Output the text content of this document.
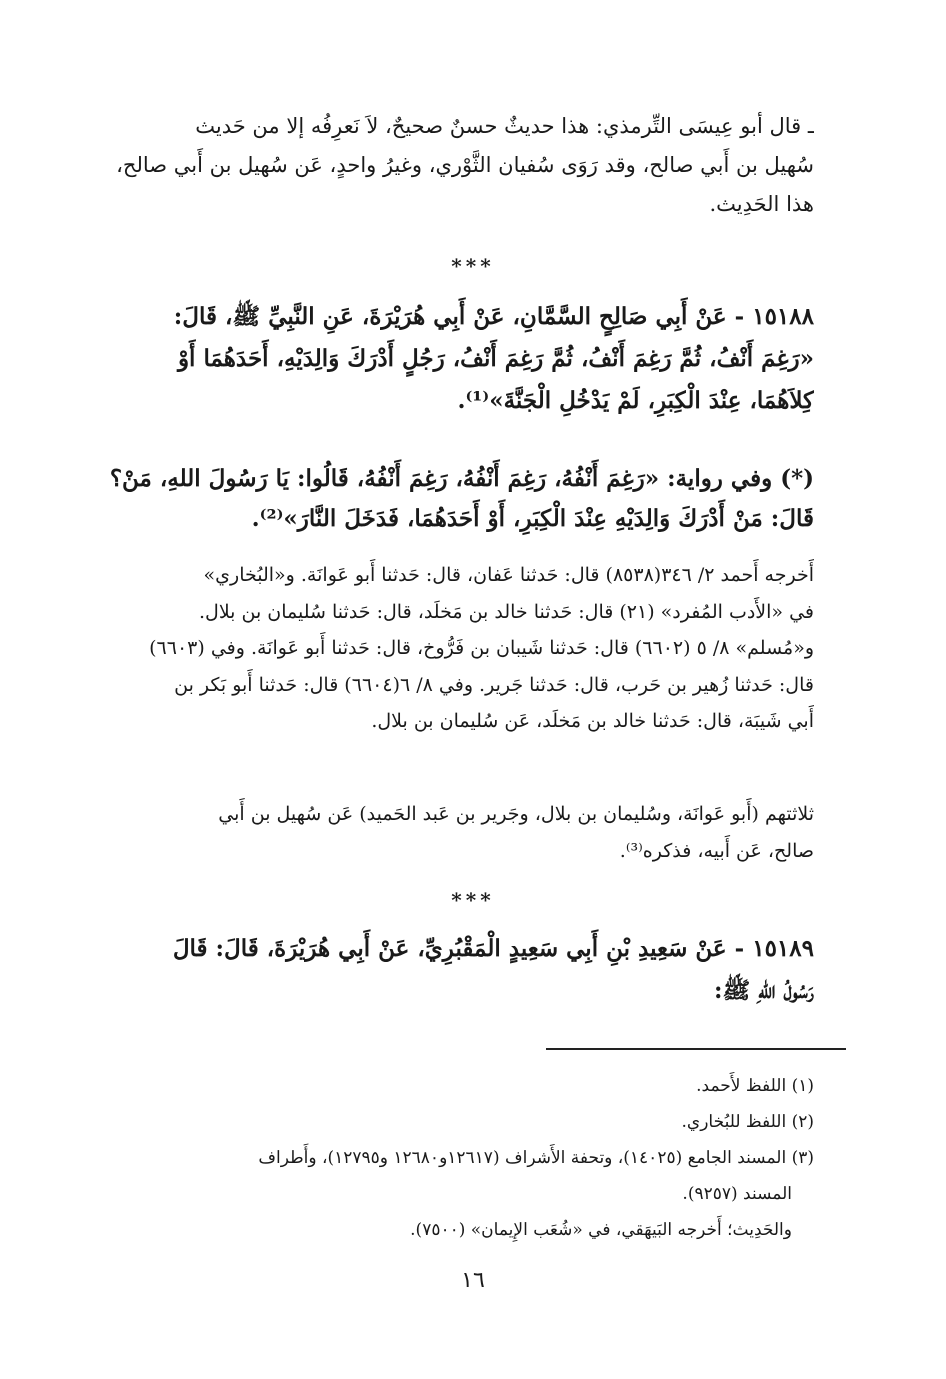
ـ قال أبو عِيسَى التِّرمذي: هذا حديثٌ حسنٌ صحيحٌ، لاَ نَعرِفُه إلا من حَديث
سُهيل بن أَبي صالح، وقد رَوَى سُفيان الثَّوْري، وغيرُ واحدٍ، عَن سُهيل بن أَبي صالح،
هذا الحَدِيث.
***
١٥١٨٨ - عَنْ أَبِي صَالِحٍ السَّمَّانِ، عَنْ أَبِي هُرَيْرَةَ، عَنِ النَّبِيِّ ﷺ، قَالَ:
«رَغِمَ أَنْفُ، ثُمَّ رَغِمَ أَنْفُ، ثُمَّ رَغِمَ أَنْفُ، رَجُلٍ أَدْرَكَ وَالِدَيْهِ، أَحَدَهُمَا أَوْ
كِلاَهُمَا، عِنْدَ الْكِبَرِ، لَمْ يَدْخُلِ الْجَنَّةَ»⁽¹⁾.
(*) وفي رواية: «رَغِمَ أَنْفُهُ، رَغِمَ أَنْفُهُ، رَغِمَ أَنْفُهُ، قَالُوا: يَا رَسُولَ اللهِ، مَنْ؟
قَالَ: مَنْ أَدْرَكَ وَالِدَيْهِ عِنْدَ الْكِبَرِ، أَوْ أَحَدَهُمَا، فَدَخَلَ النَّارَ»⁽²⁾.
أَخرجه أَحمد ٢/ ٣٤٦(٨٥٣٨) قال: حَدثنا عَفان، قال: حَدثنا أَبو عَوانَة. و«البُخاري»
في «الأَدب المُفرد» (٢١) قال: حَدثنا خالد بن مَخلَد، قال: حَدثنا سُليمان بن بلال.
و«مُسلم» ٨/ ٥ (٦٦٠٢) قال: حَدثنا شَيبان بن فَرُّوخ، قال: حَدثنا أَبو عَوانَة. وفي (٦٦٠٣)
قال: حَدثنا زُهير بن حَرب، قال: حَدثنا جَرير. وفي ٨/ ٦(٦٦٠٤) قال: حَدثنا أَبو بَكر بن
أَبي شَيبَة، قال: حَدثنا خالد بن مَخلَد، عَن سُليمان بن بلال.
ثلاثتهم (أَبو عَوانَة، وسُليمان بن بلال، وجَرير بن عَبد الحَميد) عَن سُهيل بن أَبي
صالح، عَن أَبيه، فذكره⁽³⁾.
***
١٥١٨٩ - عَنْ سَعِيدِ بْنِ أَبِي سَعِيدٍ الْمَقْبُرِيِّ، عَنْ أَبِي هُرَيْرَةَ، قَالَ: قَالَ
رَسُولُ اللهِ ﷺ:
(١) اللفظ لأَحمد.
(٢) اللفظ للبُخاري.
(٣) المسند الجامع (١٤٠٢٥)، وتحفة الأَشراف (١٢٦١٧و١٢٦٨٠ و١٢٧٩٥)، وأَطراف
المسند (٩٢٥٧).
والحَدِيث؛ أَخرجه البَيهَقي، في «شُعَب الإِيمان» (٧٥٠٠).
١٦
